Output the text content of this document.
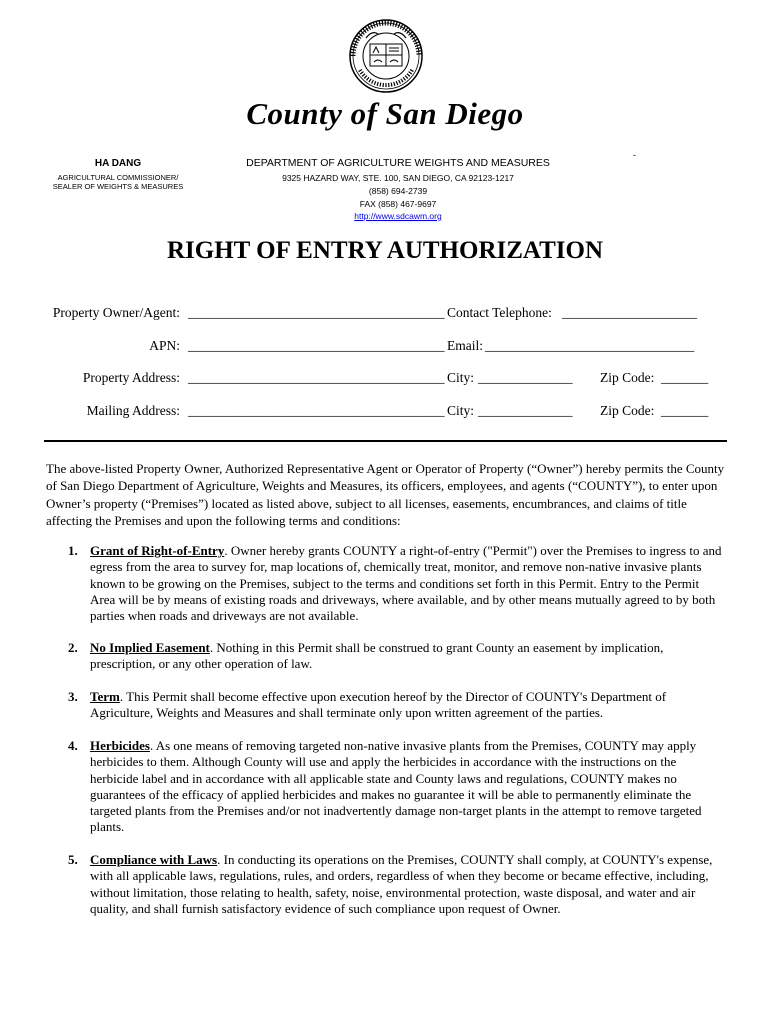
County of San Diego
HA DANG
AGRICULTURAL COMMISSIONER/
SEALER OF WEIGHTS & MEASURES
DEPARTMENT OF AGRICULTURE WEIGHTS AND MEASURES
9325 HAZARD WAY, STE. 100, SAN DIEGO, CA 92123-1217
(858) 694-2739
FAX (858) 467-9697
http://www.sdcawm.org
-
RIGHT OF ENTRY AUTHORIZATION
Property Owner/Agent: ______________________________________ Contact Telephone: ____________________
APN: ______________________________________ Email: _______________________________
Property Address: ______________________________________ City: ______________ Zip Code: _______
Mailing Address: ______________________________________ City: ______________ Zip Code: _______
The above-listed Property Owner, Authorized Representative Agent or Operator of Property (“Owner”) hereby permits the County of San Diego Department of Agriculture, Weights and Measures, its officers, employees, and agents (“COUNTY”), to enter upon Owner’s property (“Premises”) located as listed above, subject to all licenses, easements, encumbrances, and claims of title affecting the Premises and upon the following terms and conditions:
1. Grant of Right-of-Entry. Owner hereby grants COUNTY a right-of-entry ("Permit") over the Premises to ingress to and egress from the area to survey for, map locations of, chemically treat, monitor, and remove non-native invasive plants known to be growing on the Premises, subject to the terms and conditions set forth in this Permit. Entry to the Permit Area will be by means of existing roads and driveways, where available, and by other means mutually agreed to by both parties when roads and driveways are not available.
2. No Implied Easement. Nothing in this Permit shall be construed to grant County an easement by implication, prescription, or any other operation of law.
3. Term. This Permit shall become effective upon execution hereof by the Director of COUNTY's Department of Agriculture, Weights and Measures and shall terminate only upon written agreement of the parties.
4. Herbicides. As one means of removing targeted non-native invasive plants from the Premises, COUNTY may apply herbicides to them. Although County will use and apply the herbicides in accordance with the instructions on the herbicide label and in accordance with all applicable state and County laws and regulations, COUNTY makes no guarantees of the efficacy of applied herbicides and makes no guarantee it will be able to permanently eliminate the targeted plants from the Premises and/or not inadvertently damage non-target plants in the attempt to remove targeted plants.
5. Compliance with Laws. In conducting its operations on the Premises, COUNTY shall comply, at COUNTY's expense, with all applicable laws, regulations, rules, and orders, regardless of when they become or became effective, including, without limitation, those relating to health, safety, noise, environmental protection, waste disposal, and water and air quality, and shall furnish satisfactory evidence of such compliance upon request of Owner.
